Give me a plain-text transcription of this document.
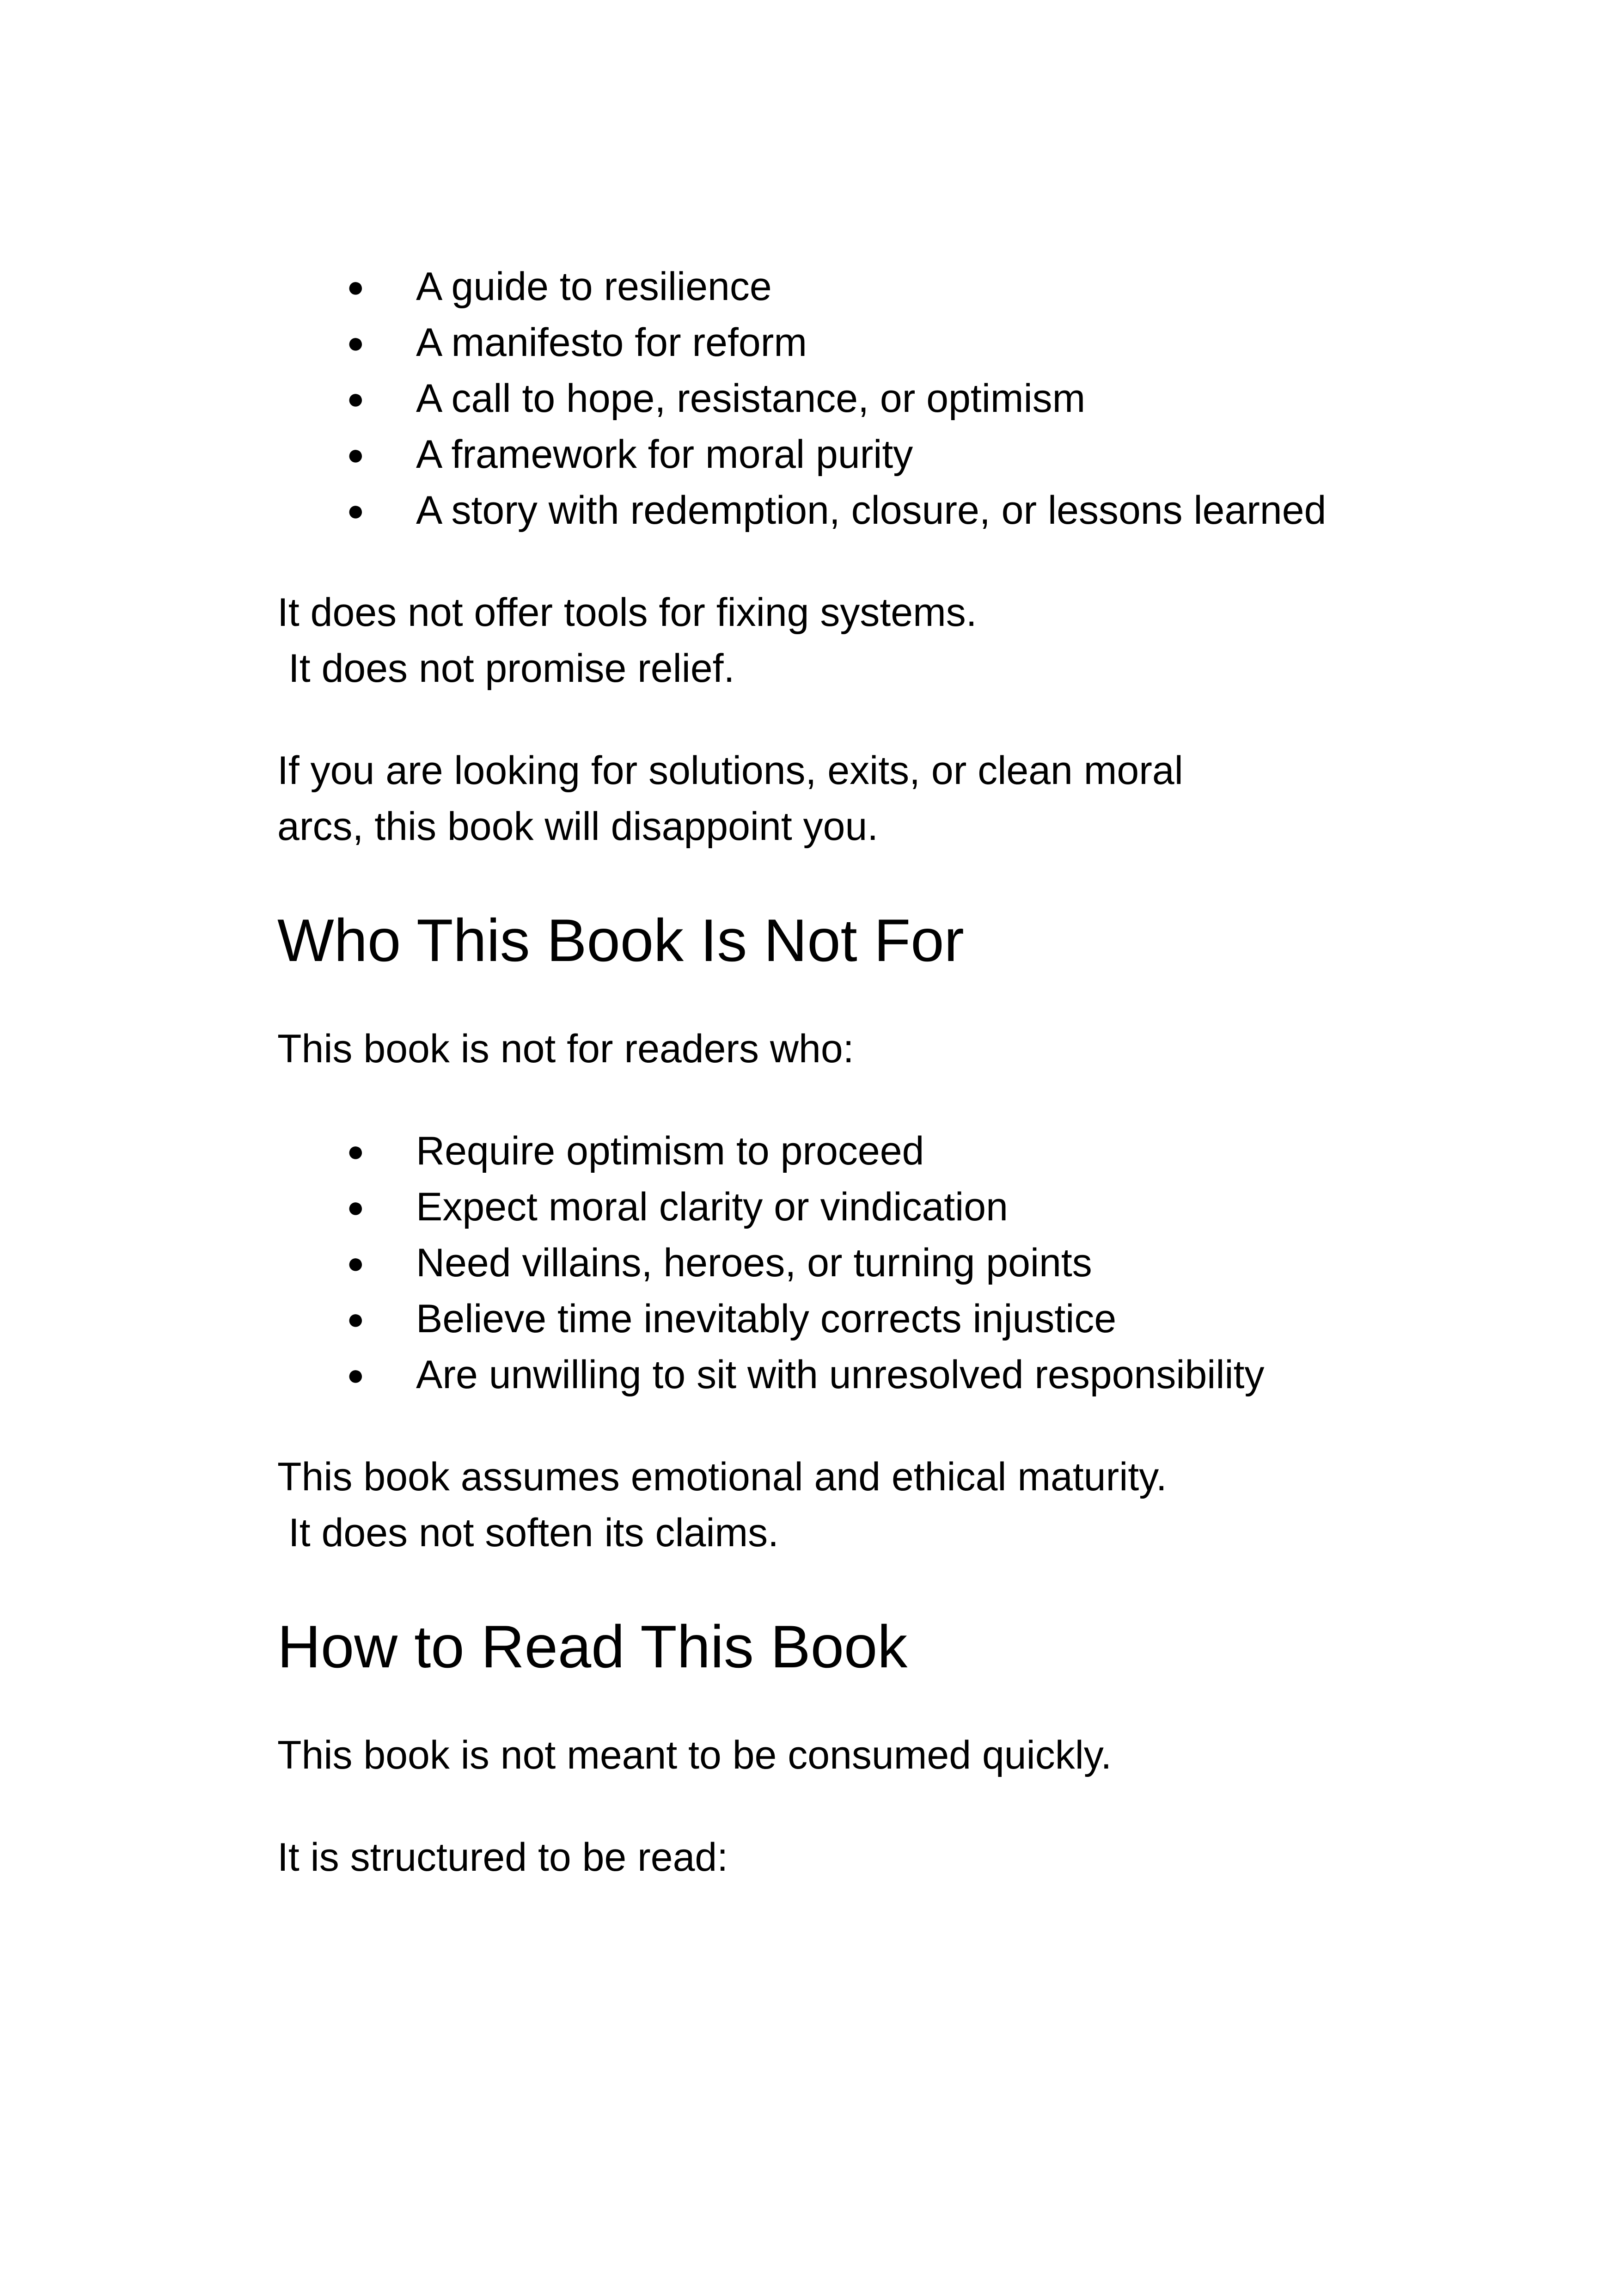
● A guide to resilience
● A manifesto for reform
● A call to hope, resistance, or optimism
● A framework for moral purity
● A story with redemption, closure, or lessons learned

It does not offer tools for fixing systems.
It does not promise relief.

If you are looking for solutions, exits, or clean moral arcs, this book will disappoint you.

Who This Book Is Not For

This book is not for readers who:

● Require optimism to proceed
● Expect moral clarity or vindication
● Need villains, heroes, or turning points
● Believe time inevitably corrects injustice
● Are unwilling to sit with unresolved responsibility

This book assumes emotional and ethical maturity.
It does not soften its claims.

How to Read This Book

This book is not meant to be consumed quickly.

It is structured to be read:
